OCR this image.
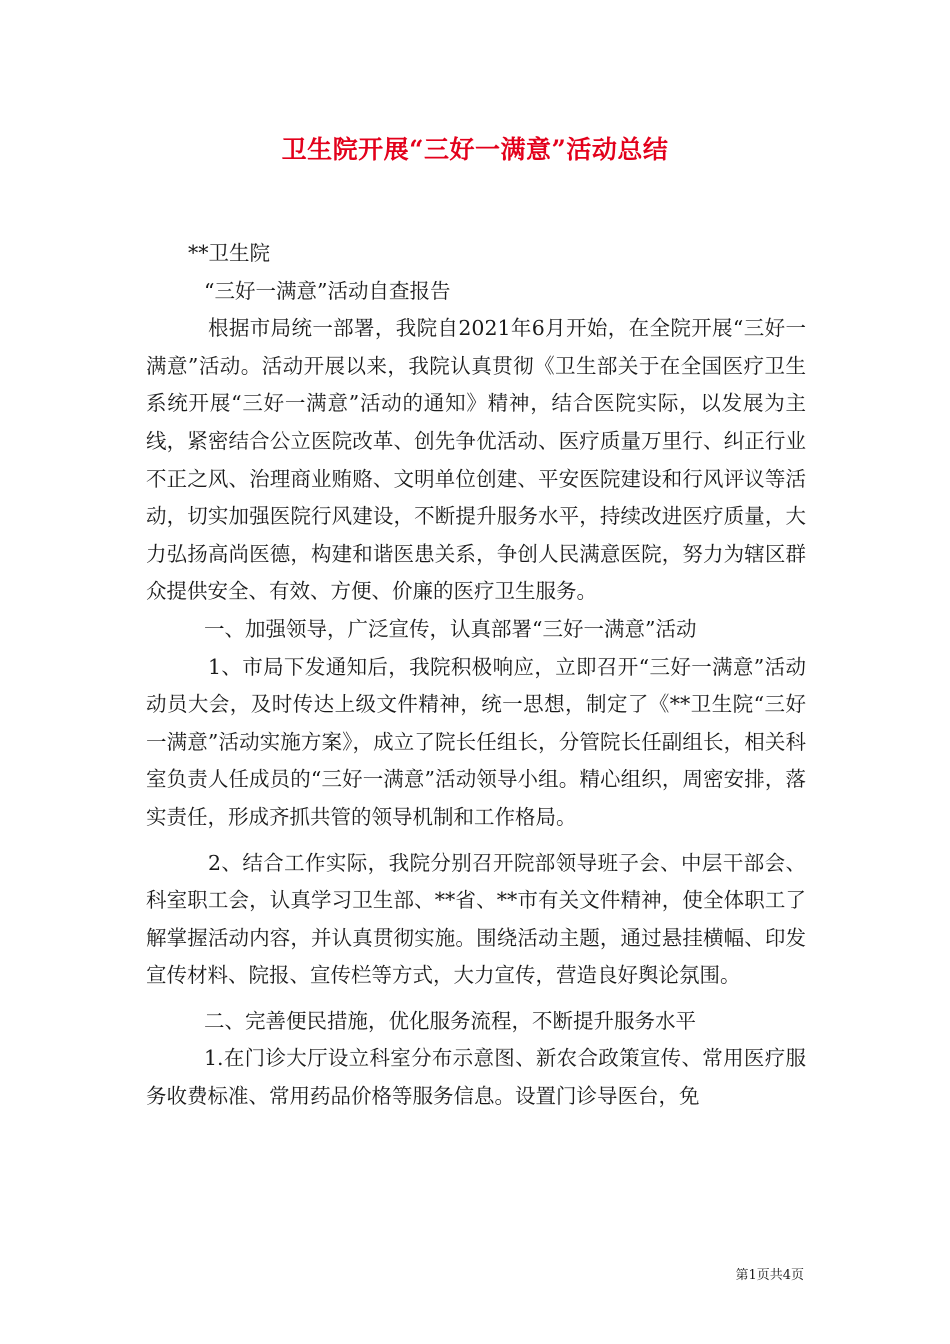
卫生院开展“三好一满意”活动总结

**卫生院

“三好一满意”活动自查报告

根据市局统一部署，我院自2021年6月开始，在全院开展“三好一满意”活动。活动开展以来，我院认真贯彻《卫生部关于在全国医疗卫生系统开展“三好一满意”活动的通知》精神，结合医院实际，以发展为主线，紧密结合公立医院改革、创先争优活动、医疗质量万里行、纠正行业不正之风、治理商业贿赂、文明单位创建、平安医院建设和行风评议等活动，切实加强医院行风建设，不断提升服务水平，持续改进医疗质量，大力弘扬高尚医德，构建和谐医患关系，争创人民满意医院，努力为辖区群众提供安全、有效、方便、价廉的医疗卫生服务。

一、加强领导，广泛宣传，认真部署“三好一满意”活动

1、市局下发通知后，我院积极响应，立即召开“三好一满意”活动动员大会，及时传达上级文件精神，统一思想，制定了《**卫生院“三好一满意”活动实施方案》，成立了院长任组长，分管院长任副组长，相关科室负责人任成员的“三好一满意”活动领导小组。精心组织，周密安排，落实责任，形成齐抓共管的领导机制和工作格局。

2、结合工作实际，我院分别召开院部领导班子会、中层干部会、科室职工会，认真学习卫生部、**省、**市有关文件精神，使全体职工了解掌握活动内容，并认真贯彻实施。围绕活动主题，通过悬挂横幅、印发宣传材料、院报、宣传栏等方式，大力宣传，营造良好舆论氛围。

二、完善便民措施，优化服务流程，不断提升服务水平

1.在门诊大厅设立科室分布示意图、新农合政策宣传、常用医疗服务收费标准、常用药品价格等服务信息。设置门诊导医台，免

第1页共4页
